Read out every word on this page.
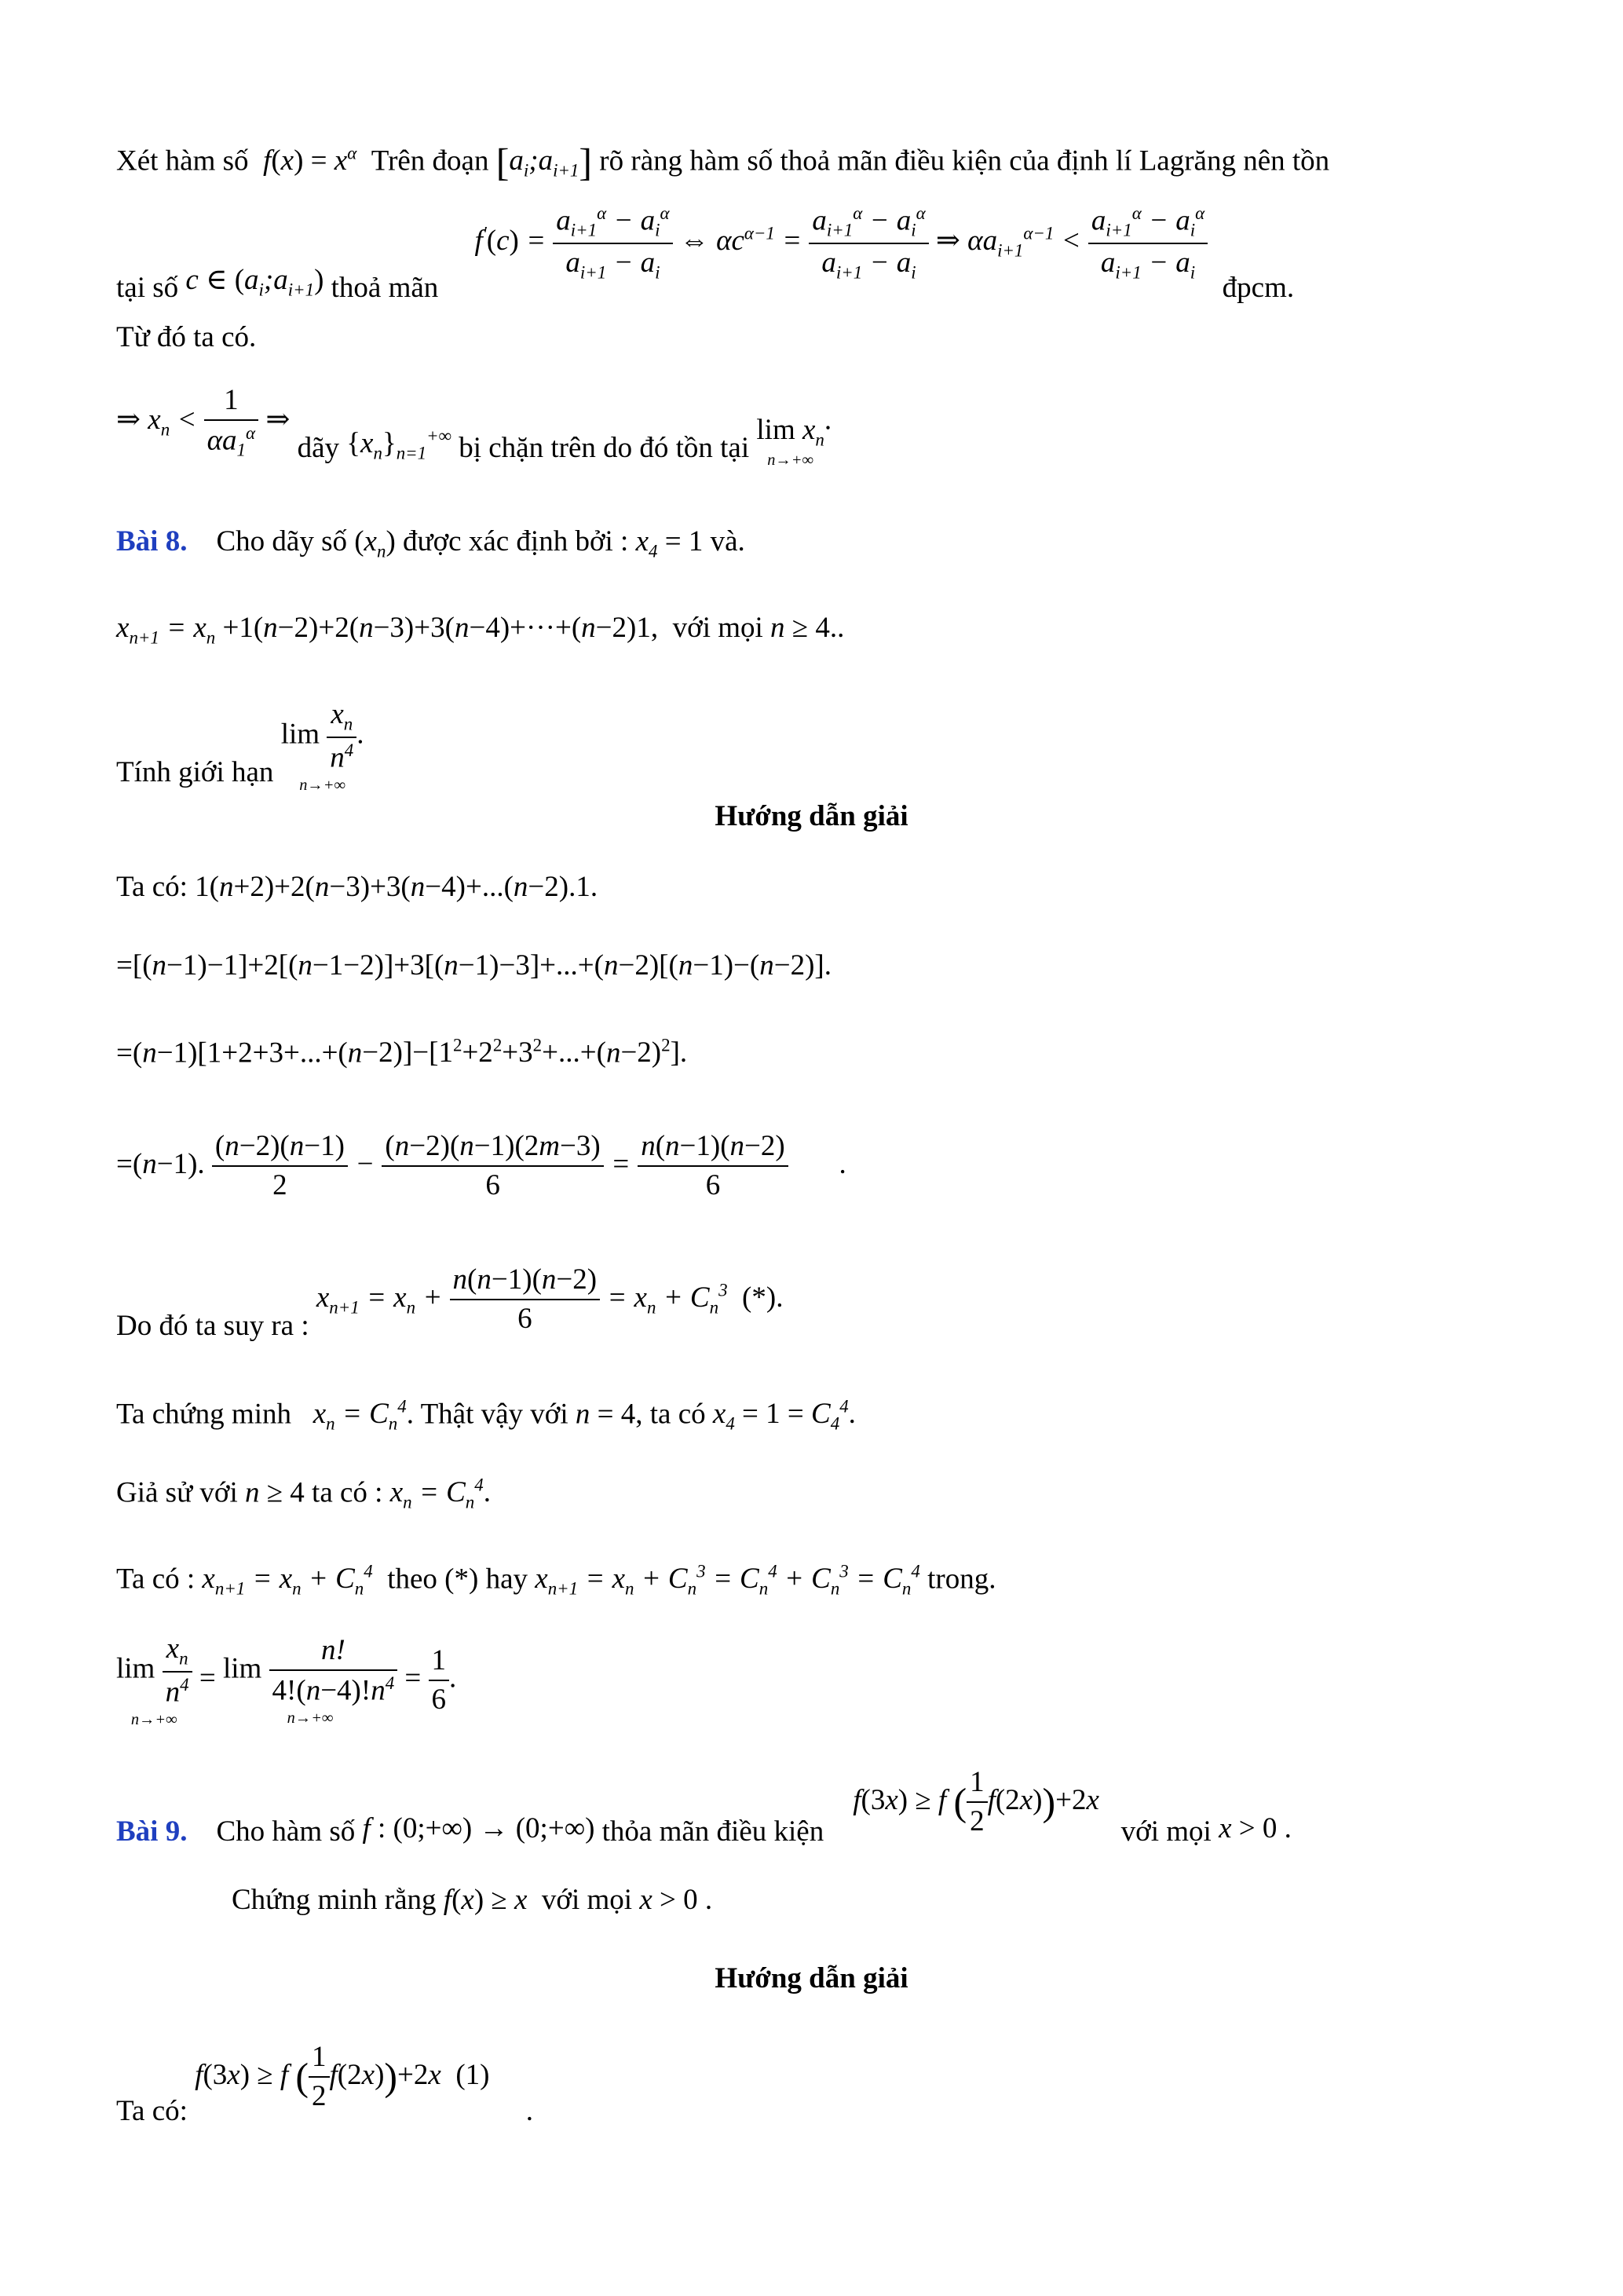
Xét hàm số  $f(x) = x^\alpha$ Trên đoạn $[a_i;a_{i+1}]$ rõ ràng hàm số thoả mãn điều kiện của định lí Lagrăng nên tồn
tại số c ∈ $(a_i;a_{i+1})$ thoả mãn     $f'(c) = \frac{a_{i+1}^\alpha - a_i^\alpha}{a_{i+1} - a_i}$ ⇔ $\alpha c^{\alpha-1} = \frac{a_{i+1}^\alpha - a_i^\alpha}{a_{i+1} - a_i}$ ⇒ $\alpha a_{i+1}^{\alpha-1} < \frac{a_{i+1}^\alpha - a_i^\alpha}{a_{i+1} - a_i}$
đpcm.
Từ đó ta có.
⇒ $x_n < \frac{1}{\alpha a_1^\alpha}$ ⇒ dãy $\{x_n\}_{n=1}^{+\infty}$ bị chặn trên do đó tồn tại
$\lim x_n$
n→+∞
.
Bài 8. Cho dãy số $(x_n)$ được xác định bởi : $x_4 = 1$ và.
$x_{n+1} = x_n +1(n-2)+2(n-3)+3(n-4)+\cdot\cdot\cdot+(n-2)1$, với mọi n ≥ 4..
Tính giới hạn
$\lim \frac{x_n}{n^4}$ .
n→+∞
Hướng dẫn giải
Ta có: 1(n+2)+2(n−3)+3(n−4)+...(n−2).1.
=[(n−1)−1]+2[(n−1−2)]+3[(n−1)−3]+...+(n−2)[(n−1)−(n−2)].
$=(n-1)[1+2+3+...+(n-2)]-[1^2+2^2+3^2+...+(n-2)^2]$.
=(n−1). $\frac{(n-2)(n-1)}{2} - \frac{(n-2)(n-1)(2m-3)}{6} = \frac{n(n-1)(n-2)}{6}$ .
Do đó ta suy ra : $x_{n+1} = x_n + \frac{n(n-1)(n-2)}{6} = x_n + C_n^3$ (*).
Ta chứng minh $x_n = C_n^4$. Thật vậy với n = 4, ta có $x_4 = 1 = C_4^4$.
Giả sử với n ≥ 4 ta có : $x_n = C_n^4$.
Ta có : $x_{n+1} = x_n + C_n^4$ theo (*) hay $x_{n+1} = x_n + C_n^3 = C_n^4 + C_n^3 = C_n^4$ trong.
$\lim \frac{x_n}{n^4}$
n→+∞
= $\lim \frac{n!}{4!(n-4)!n^4}$
n→+∞
= $\frac{1}{6}$ .
Bài 9. Cho hàm số f : (0;+∞) → (0;+∞) thỏa mãn điều kiện    f(3x) ≥ f ( $\frac{1}{2} f(2x))+2x$   với mọi x > 0 .
Chứng minh rằng f(x) ≥ x với mọi x > 0 .
Hướng dẫn giải
Ta có: f(3x) ≥ f ( $\frac{1}{2} f(2x))+2x$  (1)     .
